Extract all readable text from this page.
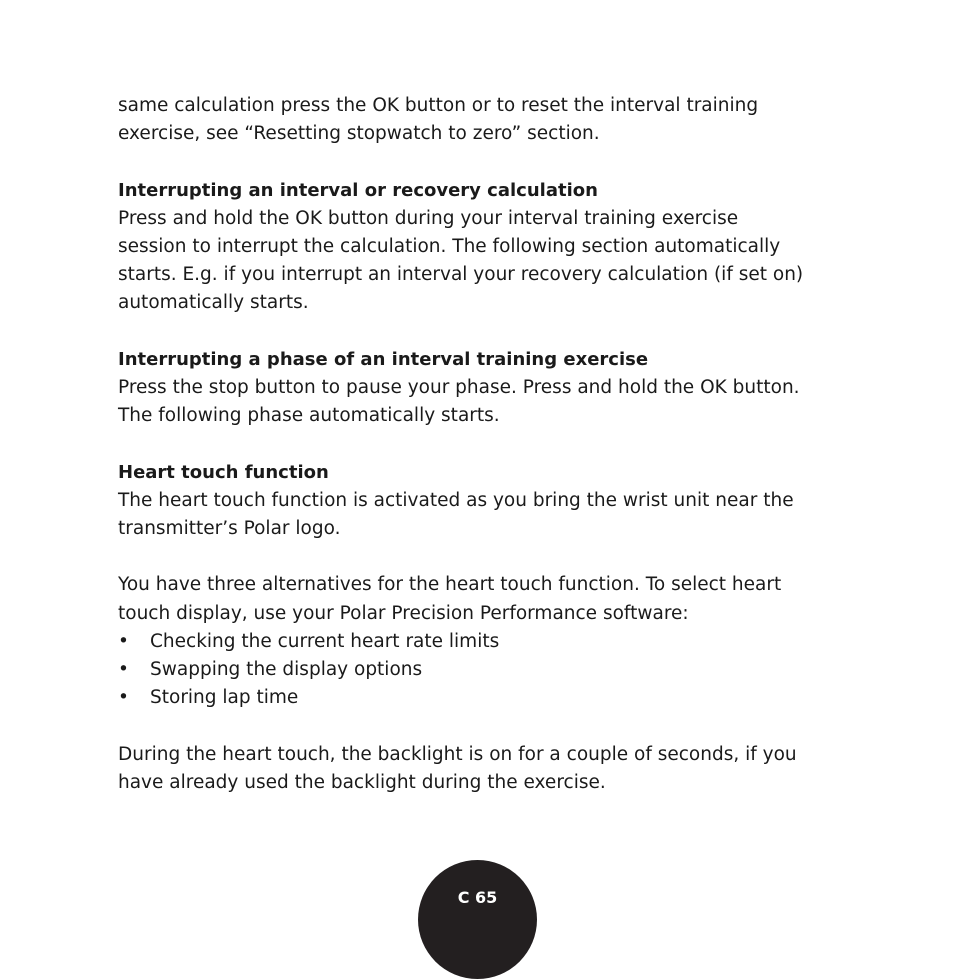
same calculation press the OK button or to reset the interval training

exercise, see “Resetting stopwatch to zero” section.

Interrupting an interval or recovery calculation

Press and hold the OK button during your interval training exercise

session to interrupt the calculation. The following section automatically

starts. E.g. if you interrupt an interval your recovery calculation (if set on)

automatically starts.

Interrupting a phase of an interval training exercise

Press the stop button to pause your phase. Press and hold the OK button.

The following phase automatically starts.

Heart touch function

The heart touch function is activated as you bring the wrist unit near the

transmitter’s Polar logo.

You have three alternatives for the heart touch function. To select heart

touch display, use your Polar Precision Performance software:

•	Checking the current heart rate limits
•	Swapping the display options
•	Storing lap time

During the heart touch, the backlight is on for a couple of seconds, if you

have already used the backlight during the exercise.

C 65
